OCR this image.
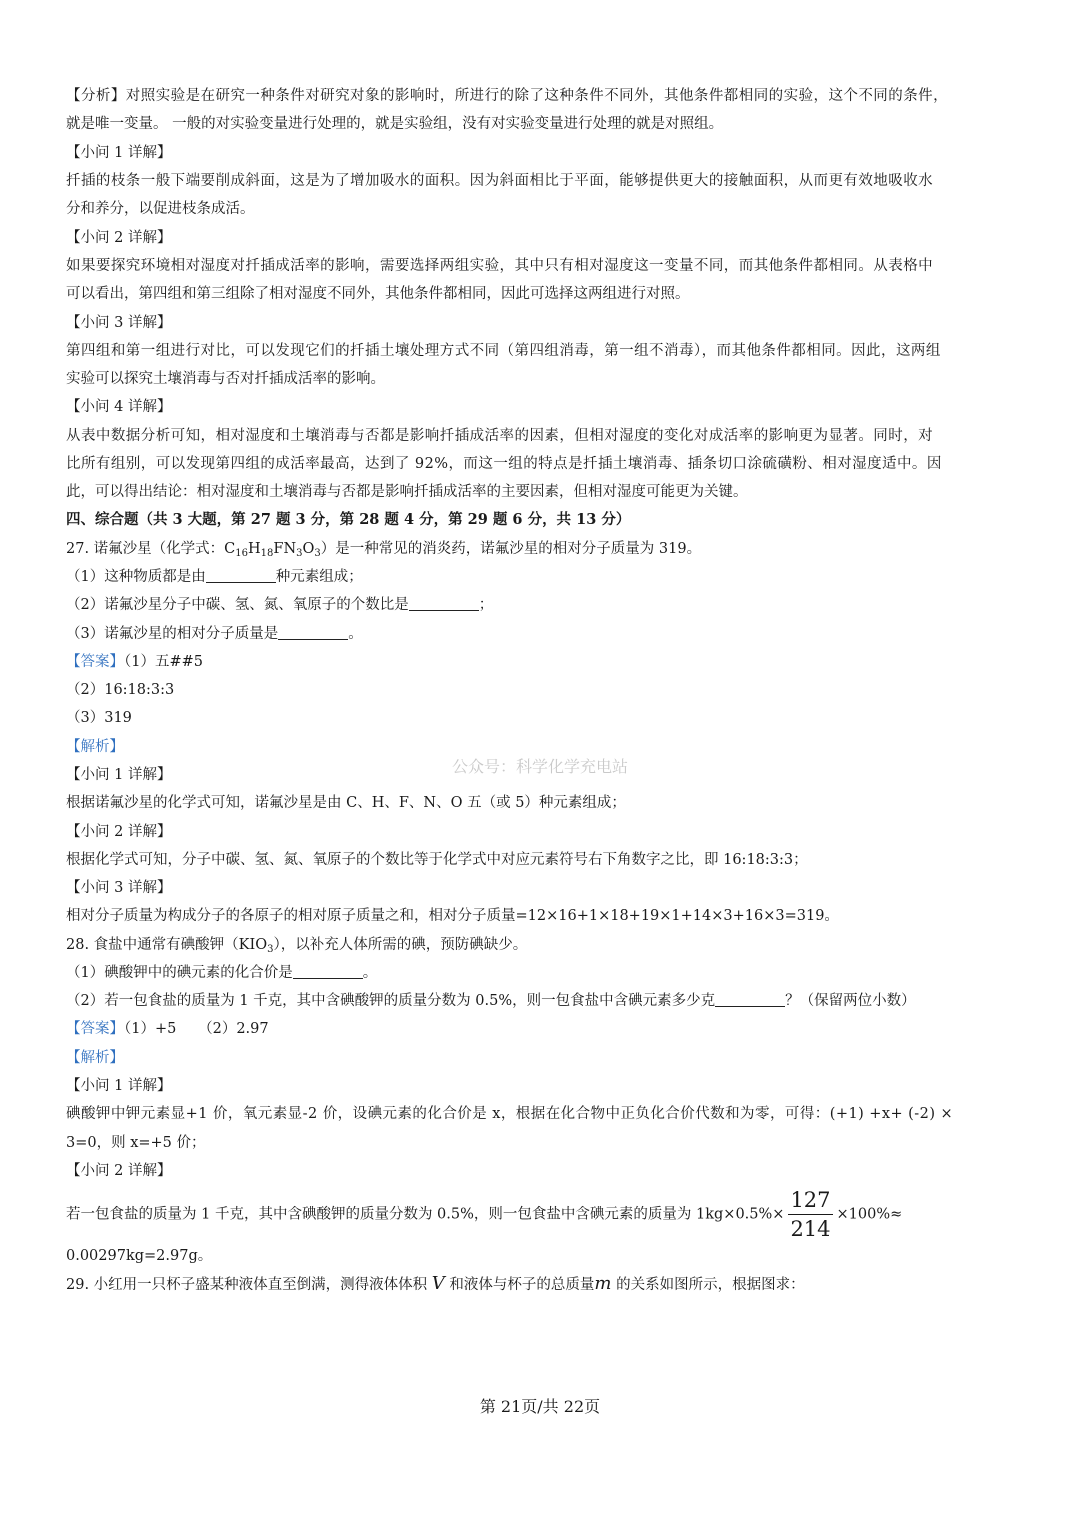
【分析】对照实验是在研究一种条件对研究对象的影响时，所进行的除了这种条件不同外，其他条件都相同的实验，这个不同的条件，
就是唯一变量。 一般的对实验变量进行处理的，就是实验组，没有对实验变量进行处理的就是对照组。
【小问 1 详解】
扦插的枝条一般下端要削成斜面，这是为了增加吸水的面积。因为斜面相比于平面，能够提供更大的接触面积，从而更有效地吸收水
分和养分，以促进枝条成活。
【小问 2 详解】
如果要探究环境相对湿度对扦插成活率的影响，需要选择两组实验，其中只有相对湿度这一变量不同，而其他条件都相同。从表格中
可以看出，第四组和第三组除了相对湿度不同外，其他条件都相同，因此可选择这两组进行对照。
【小问 3 详解】
第四组和第一组进行对比，可以发现它们的扦插土壤处理方式不同（第四组消毒，第一组不消毒），而其他条件都相同。因此，这两组
实验可以探究土壤消毒与否对扦插成活率的影响。
【小问 4 详解】
从表中数据分析可知，相对湿度和土壤消毒与否都是影响扦插成活率的因素，但相对湿度的变化对成活率的影响更为显著。同时，对
比所有组别，可以发现第四组的成活率最高，达到了 92%，而这一组的特点是扦插土壤消毒、插条切口涂硫磺粉、相对湿度适中。因
此，可以得出结论：相对湿度和土壤消毒与否都是影响扦插成活率的主要因素，但相对湿度可能更为关键。
四、综合题（共 3 大题，第 27 题 3 分，第 28 题 4 分，第 29 题 6 分，共 13 分）
27. 诺氟沙星（化学式：$C_{16}H_{18}FN_3O_3$）是一种常见的消炎药，诺氟沙星的相对分子质量为 319。
（1）这种物质都是由	种元素组成；
（2）诺氟沙星分子中碳、氢、氮、氧原子的个数比是	；
（3）诺氟沙星的相对分子质量是	。
【答案】（1）五##5
（2）16:18:3:3
（3）319
【解析】
【小问 1 详解】
根据诺氟沙星的化学式可知，诺氟沙星是由 C、H、F、N、O 五（或 5）种元素组成；
【小问 2 详解】
根据化学式可知，分子中碳、氢、氮、氧原子的个数比等于化学式中对应元素符号右下角数字之比，即 16:18:3:3；
【小问 3 详解】
相对分子质量为构成分子的各原子的相对原子质量之和，相对分子质量=12×16+1×18+19×1+14×3+16×3=319。
28. 食盐中通常有碘酸钾$(KIO_3)$，以补充人体所需的碘，预防碘缺少。
（1）碘酸钾中的碘元素的化合价是	。
（2）若一包食盐的质量为 1 千克，其中含碘酸钾的质量分数为 0.5%，则一包食盐中含碘元素多少克	？（保留两位小数）
【答案】（1）+5　　（2）2.97
【解析】
【小问 1 详解】
碘酸钾中钾元素显+1 价，氧元素显-2 价，设碘元素的化合价是 x，根据在化合物中正负化合价代数和为零，可得：(+1) +x+ (-2) ×
3=0，则 x=+5 价；
【小问 2 详解】
若一包食盐的质量为 1 千克，其中含碘酸钾的质量分数为 0.5%，则一包食盐中含碘元素的质量为 $1kg\times 0.5\%\times \frac{127}{214} \times 100\%\approx$
0.00297kg=2.97g。
29. 小红用一只杯子盛某种液体直至倒满，测得液体体积 V 和液体与杯子的总质量m 的关系如图所示，根据图求：
公众号：科学化学充电站
第 21页/共 22页
